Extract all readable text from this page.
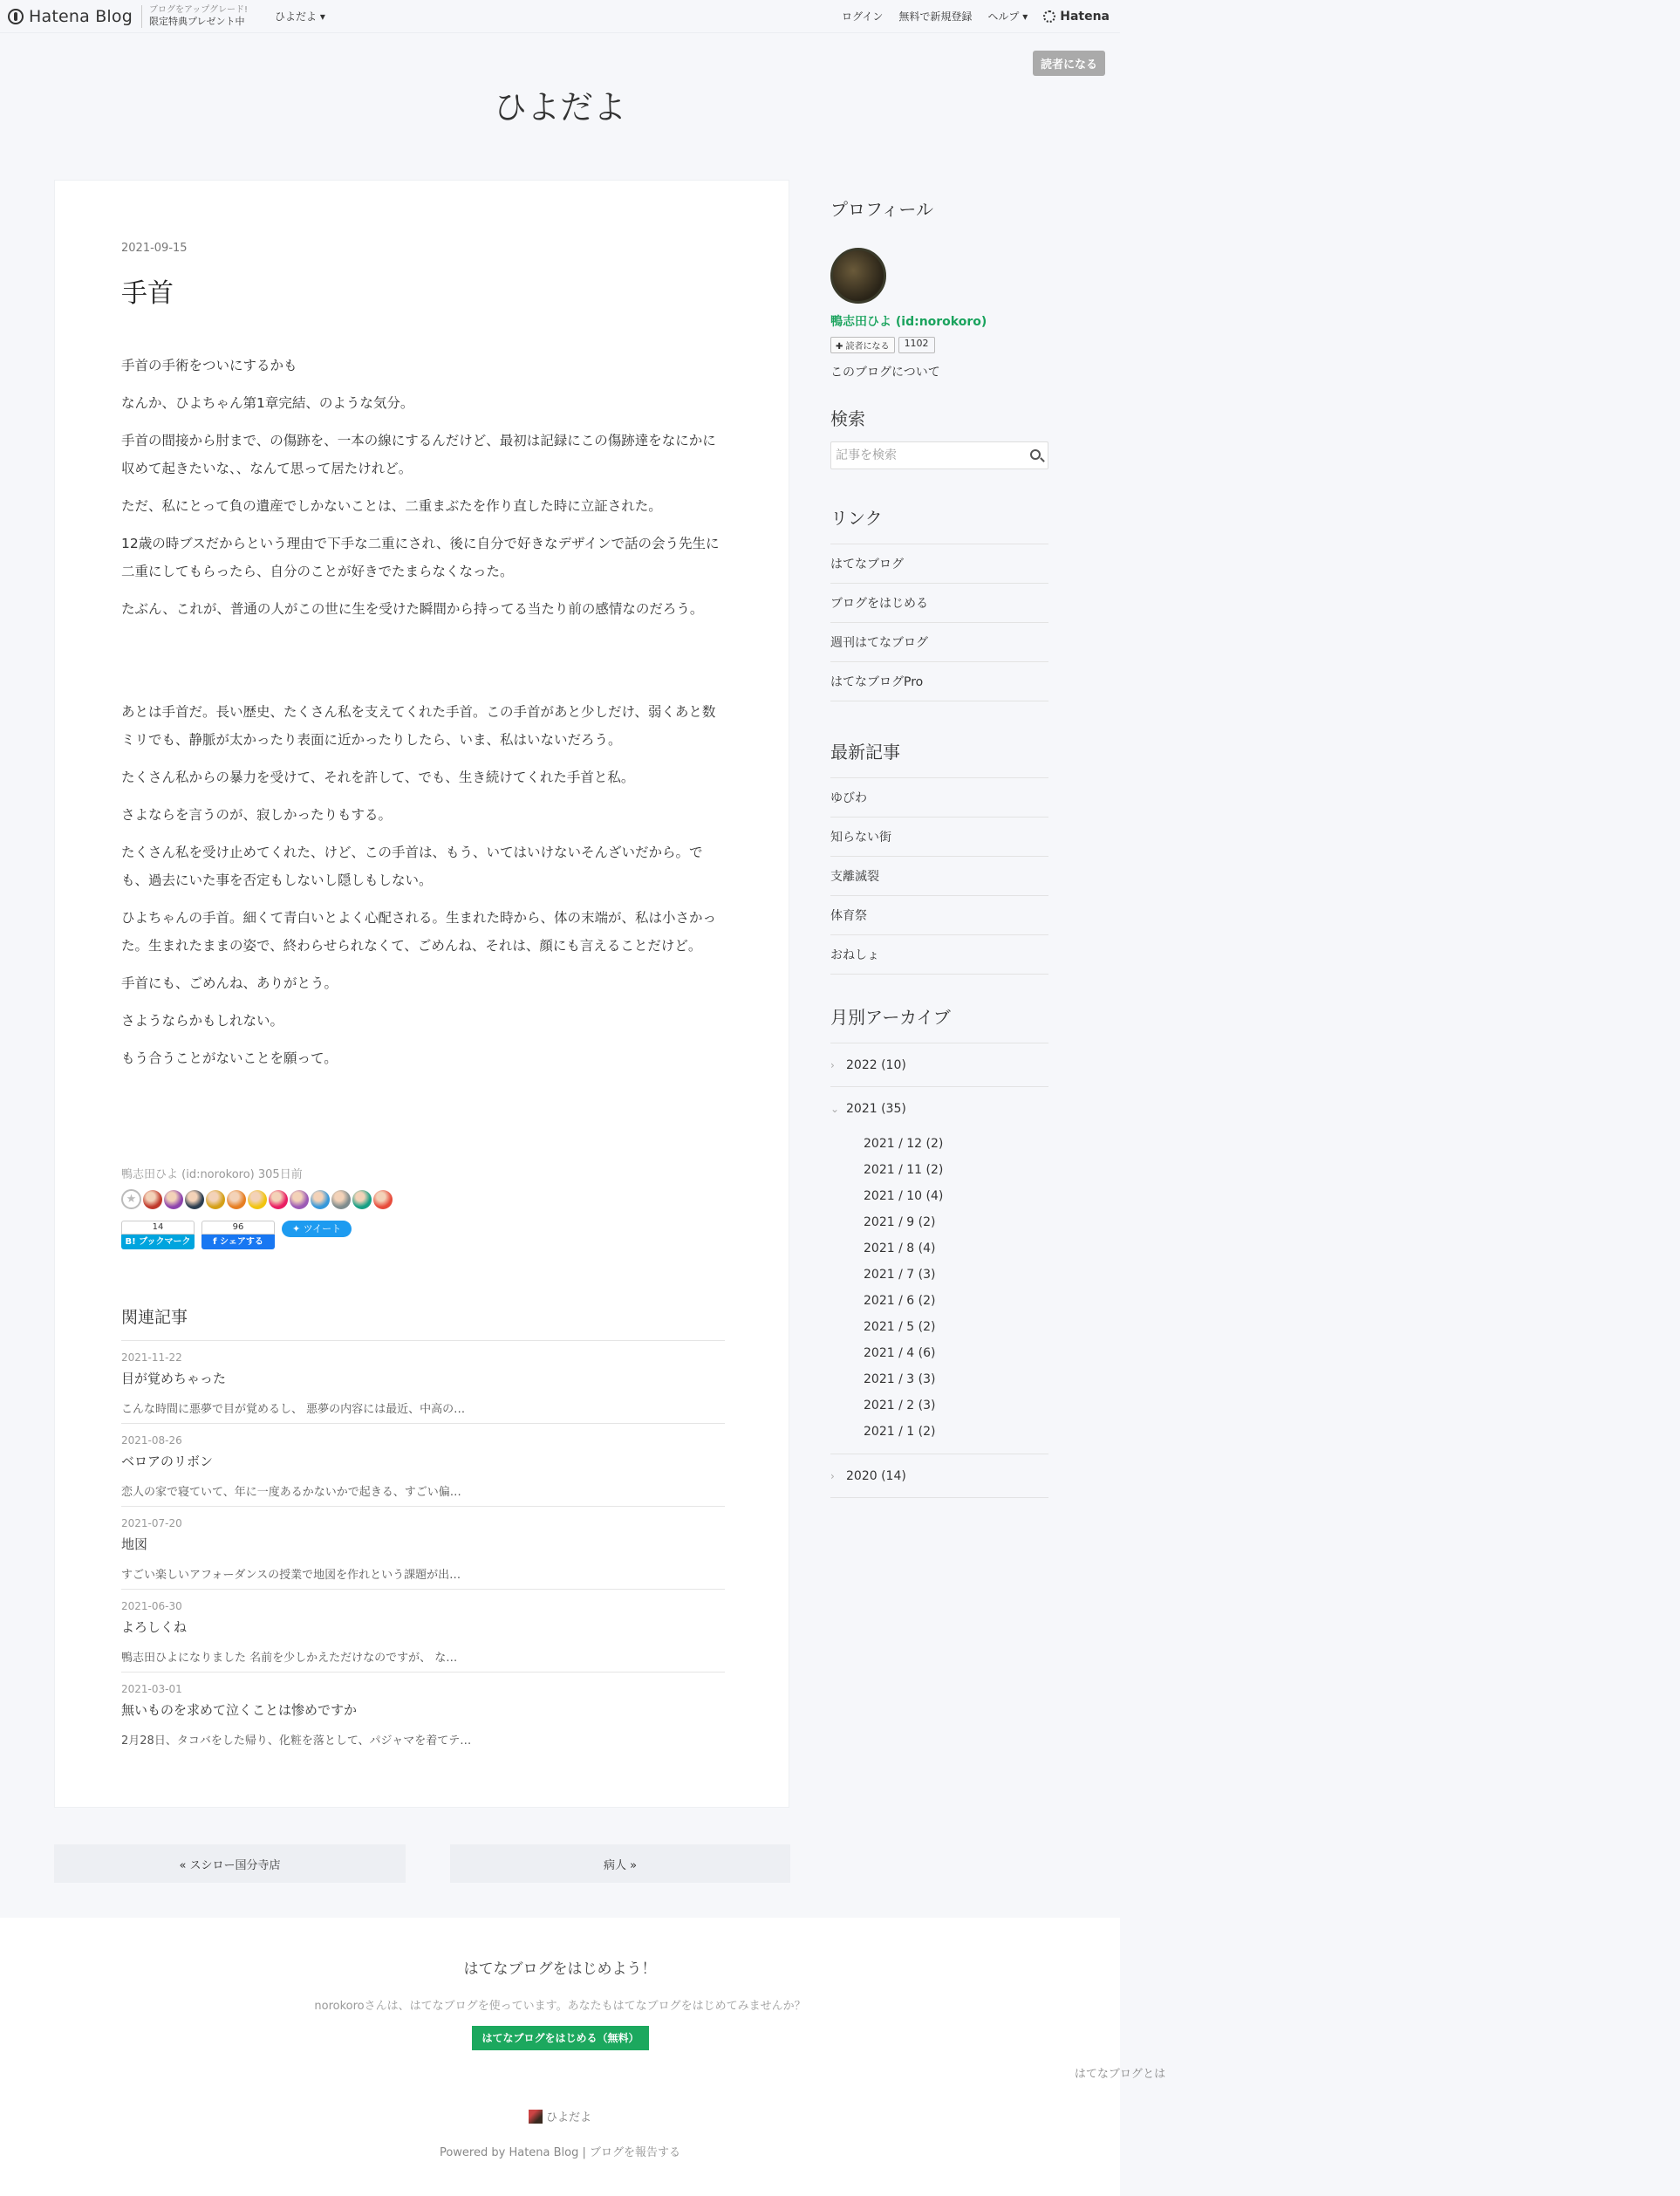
Hatena Blog ブログをアップグレード!
限定特典プレゼント中	ひよだよ ▾	ログイン 無料で新規登録 ヘルプ ▾	Hatena
読者になる
ひよだよ
2021-09-15
手首

手首の手術をついにするかも

なんか、ひよちゃん第1章完結、のような気分。

手首の間接から肘まで、の傷跡を、一本の線にするんだけど、最初は記録にこの傷跡達をなにかに収めて起きたいな、、なんて思って居たけれど。

ただ、私にとって負の遺産でしかないことは、二重まぶたを作り直した時に立証された。

12歳の時ブスだからという理由で下手な二重にされ、後に自分で好きなデザインで話の会う先生に二重にしてもらったら、自分のことが好きでたまらなくなった。

たぶん、これが、普通の人がこの世に生を受けた瞬間から持ってる当たり前の感情なのだろう。

あとは手首だ。長い歴史、たくさん私を支えてくれた手首。この手首があと少しだけ、弱くあと数ミリでも、静脈が太かったり表面に近かったりしたら、いま、私はいないだろう。

たくさん私からの暴力を受けて、それを許して、でも、生き続けてくれた手首と私。

さよならを言うのが、寂しかったりもする。

たくさん私を受け止めてくれた、けど、この手首は、もう、いてはいけないそんざいだから。でも、過去にいた事を否定もしないし隠しもしない。

ひよちゃんの手首。細くて青白いとよく心配される。生まれた時から、体の末端が、私は小さかった。生まれたままの姿で、終わらせられなくて、ごめんね、それは、顔にも言えることだけど。

手首にも、ごめんね、ありがとう。

さようならかもしれない。

もう合うことがないことを願って。

鴨志田ひよ (id:norokoro) 305日前
★
14
B! ブックマーク
96
f シェアする
✦ ツイート
関連記事
2021-11-22
目が覚めちゃった
こんな時間に悪夢で目が覚めるし、 悪夢の内容には最近、中高の…
2021-08-26
ベロアのリボン
恋人の家で寝ていて、年に一度あるかないかで起きる、すごい偏…
2021-07-20
地図
すごい楽しいアフォーダンスの授業で地図を作れという課題が出…
2021-06-30
よろしくね
鴨志田ひよになりました 名前を少しかえただけなのですが、 な…
2021-03-01
無いものを求めて泣くことは惨めですか
2月28日、タコバをした帰り、化粧を落として、パジャマを着てテ…
« スシロー国分寺店	病人 »
プロフィール
鴨志田ひよ (id:norokoro)
✚ 読者になる	1102
このブログについて
検索
記事を検索
リンク
はてなブログ
ブログをはじめる
週刊はてなブログ
はてなブログPro
最新記事
ゆびわ
知らない街
支離滅裂
体育祭
おねしょ
月別アーカイブ
› 2022 (10)
⌄ 2021 (35)
2021 / 12 (2)
2021 / 11 (2)
2021 / 10 (4)
2021 / 9 (2)
2021 / 8 (4)
2021 / 7 (3)
2021 / 6 (2)
2021 / 5 (2)
2021 / 4 (6)
2021 / 3 (3)
2021 / 2 (3)
2021 / 1 (2)
› 2020 (14)
はてなブログをはじめよう！
norokoroさんは、はてなブログを使っています。あなたもはてなブログをはじめてみませんか？
はてなブログをはじめる（無料）
はてなブログとは
ひよだよ
Powered by Hatena Blog | ブログを報告する
